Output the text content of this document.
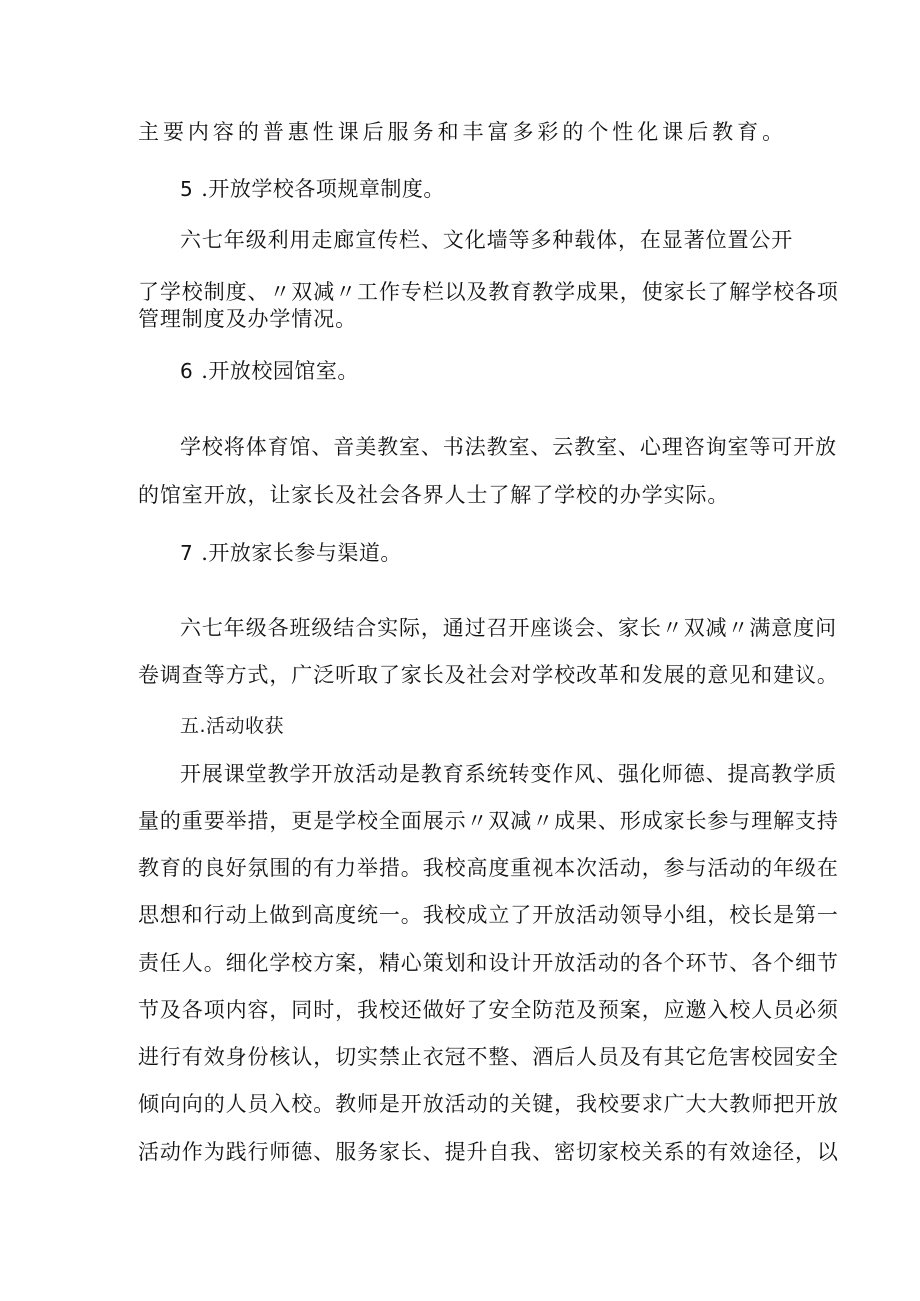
主要内容的普惠性课后服务和丰富多彩的个性化课后教育。
5 .开放学校各项规章制度。
六七年级利用走廊宣传栏、文化墙等多种载体，在显著位置公开
了学校制度、〃双减〃工作专栏以及教育教学成果，使家长了解学校各项
管理制度及办学情况。
6 .开放校园馆室。
学校将体育馆、音美教室、书法教室、云教室、心理咨询室等可开放
的馆室开放，让家长及社会各界人士了解了学校的办学实际。
7 .开放家长参与渠道。
六七年级各班级结合实际，通过召开座谈会、家长〃双减〃满意度问
卷调查等方式，广泛听取了家长及社会对学校改革和发展的意见和建议。
五.活动收获
开展课堂教学开放活动是教育系统转变作风、强化师德、提高教学质
量的重要举措，更是学校全面展示〃双减〃成果、形成家长参与理解支持
教育的良好氛围的有力举措。我校高度重视本次活动，参与活动的年级在
思想和行动上做到高度统一。我校成立了开放活动领导小组，校长是第一
责任人。细化学校方案，精心策划和设计开放活动的各个环节、各个细节
节及各项内容，同时，我校还做好了安全防范及预案，应邀入校人员必须
进行有效身份核认，切实禁止衣冠不整、酒后人员及有其它危害校园安全
倾向向的人员入校。教师是开放活动的关键，我校要求广大大教师把开放
活动作为践行师德、服务家长、提升自我、密切家校关系的有效途径，以
